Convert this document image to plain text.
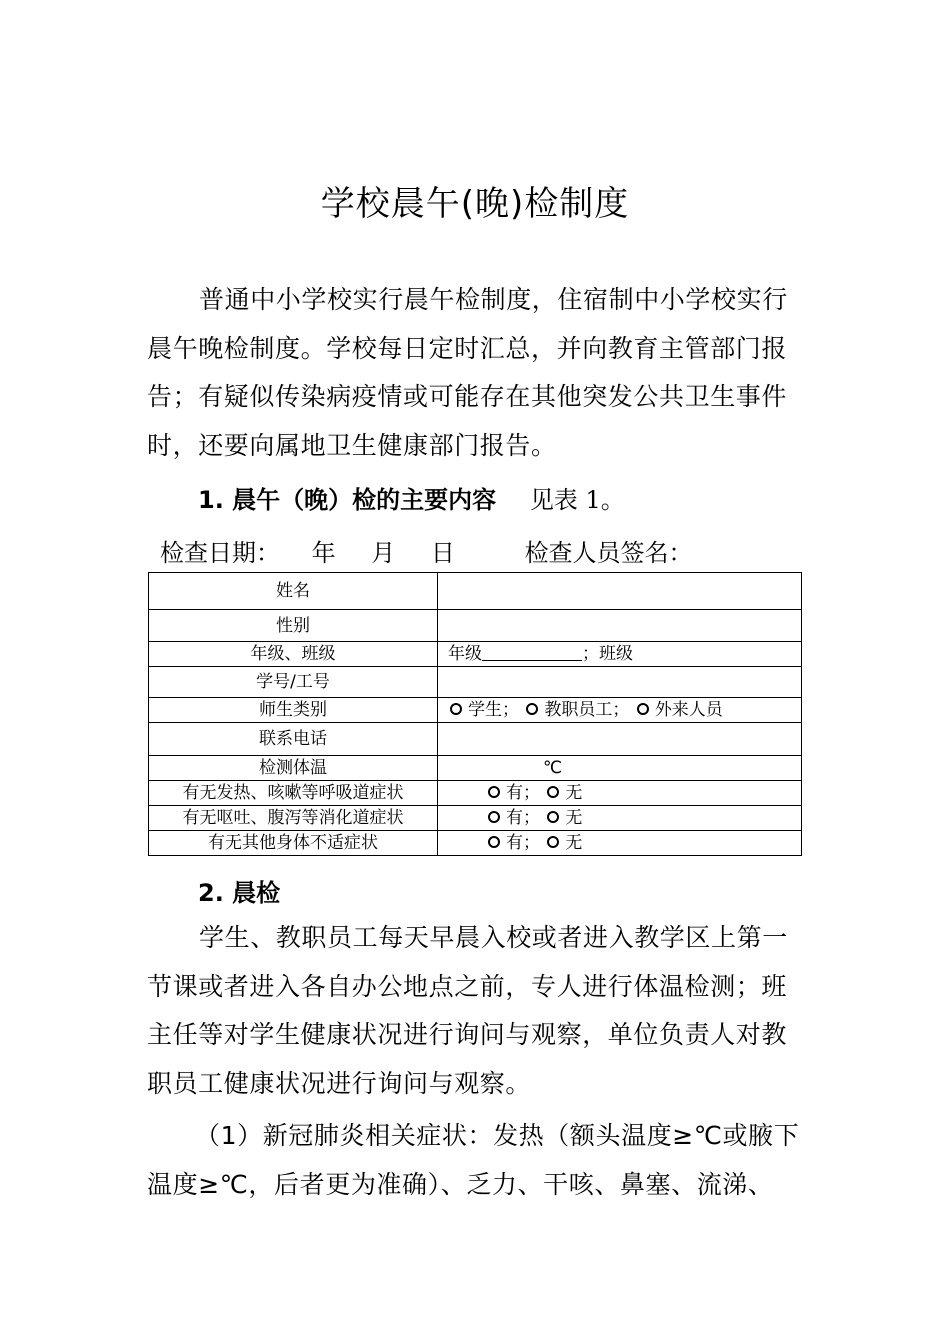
学校晨午(晚)检制度
普通中小学校实行晨午检制度，住宿制中小学校实行晨午晚检制度。学校每日定时汇总，并向教育主管部门报告；有疑似传染病疫情或可能存在其他突发公共卫生事件时，还要向属地卫生健康部门报告。
1. 晨午（晚）检的主要内容 见表 1。
检查日期： 年 月 日	检查人员签名：
姓名	
性别	
年级、班级	年级 ；班级
学号/工号	
师生类别	学生； 教职员工； 外来人员
联系电话	
检测体温	℃
有无发热、咳嗽等呼吸道症状	有； 无
有无呕吐、腹泻等消化道症状	有； 无
有无其他身体不适症状	有； 无
2. 晨检
学生、教职员工每天早晨入校或者进入教学区上第一节课或者进入各自办公地点之前，专人进行体温检测；班主任等对学生健康状况进行询问与观察，单位负责人对教职员工健康状况进行询问与观察。
（1）新冠肺炎相关症状：发热（额头温度≥℃或腋下温度≥℃，后者更为准确）、乏力、干咳、鼻塞、流涕、
